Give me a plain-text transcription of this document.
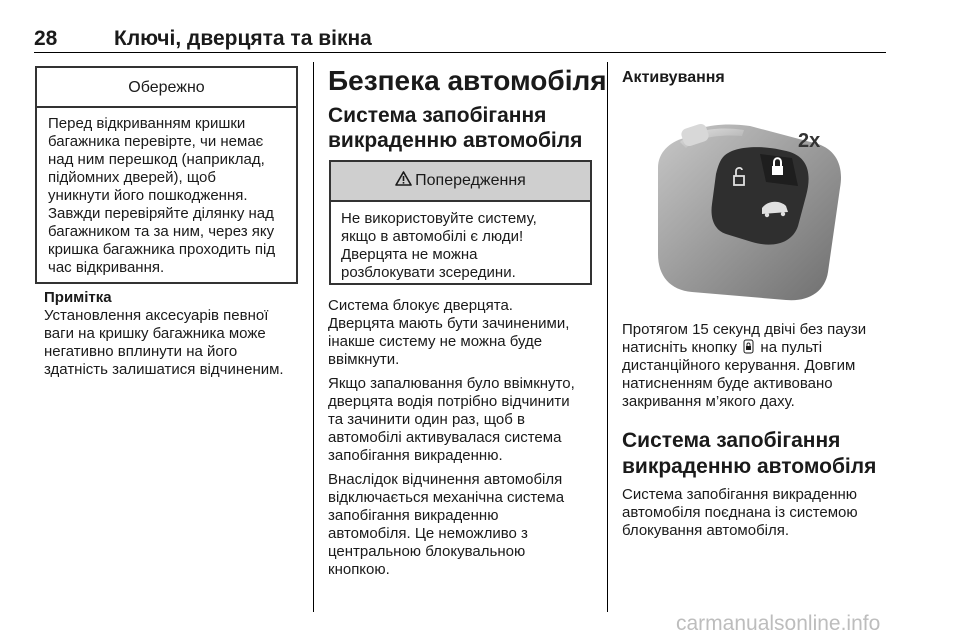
28	Ключі, дверцята та вікна
Обережно
Перед відкриванням кришки
багажника перевірте, чи немає
над ним перешкод (наприклад,
підйомних дверей), щоб
уникнути його пошкодження.
Завжди перевіряйте ділянку над
багажником та за ним, через яку
кришка багажника проходить під
час відкривання.
Примітка
Установлення аксесуарів певної
ваги на кришку багажника може
негативно вплинути на його
здатність залишатися відчиненим.
Безпека автомобіля
Система запобігання
викраденню автомобіля
Попередження
Не використовуйте систему,
якщо в автомобілі є люди!
Дверцята не можна
розблокувати зсередини.
Система блокує дверцята.
Дверцята мають бути зачиненими,
інакше систему не можна буде
ввімкнути.
Якщо запалювання було ввімкнуто,
дверцята водія потрібно відчинити
та зачинити один раз, щоб в
автомобілі активувалася система
запобігання викраденню.
Внаслідок відчинення автомобіля
відключається механічна система
запобігання викраденню
автомобіля. Це неможливо з
центральною блокувальною
кнопкою.
Активування
2x
Протягом 15 секунд двічі без паузи
натисніть кнопку на пульті
дистанційного керування. Довгим
натисненням буде активовано
закривання м’якого даху.
Система запобігання
викраденню автомобіля
Система запобігання викраденню
автомобіля поєднана із системою
блокування автомобіля.
carmanualsonline.info
